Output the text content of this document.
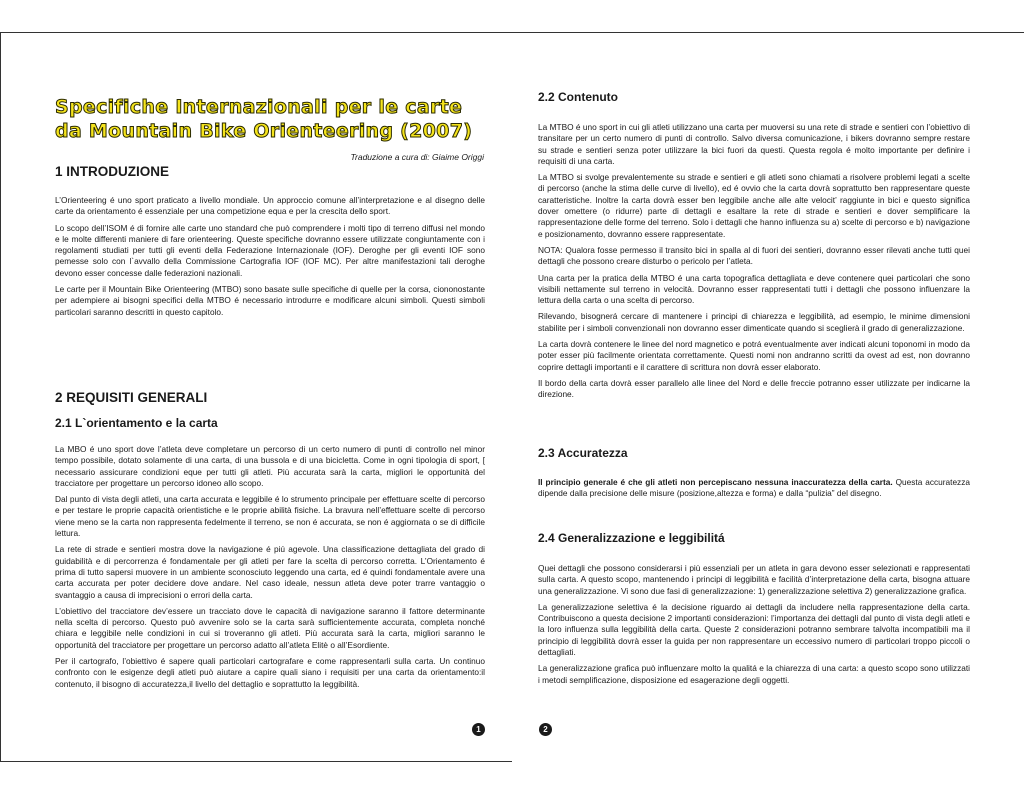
Specifiche Internazionali per le carte da Mountain Bike Orienteering (2007)
Traduzione a cura di: Giaime Origgi
1 INTRODUZIONE

L’Orienteering é uno sport praticato a livello mondiale. Un approccio comune all’interpretazione e al disegno delle carte da orientamento é essenziale per una competizione equa e per la crescita dello sport.

Lo scopo dell’ISOM é di fornire alle carte uno standard che può comprendere i molti tipo di terreno diffusi nel mondo e le molte differenti maniere di fare orienteering. Queste specifiche dovranno essere utilizzate congiuntamente con i regolamenti studiati per tutti gli eventi della Federazione Internazionale (IOF). Deroghe per gli eventi IOF sono pemesse solo con l`avvallo della Commissione Cartografia IOF (IOF MC). Per altre manifestazioni tali deroghe devono esser concesse dalle federazioni nazionali.

Le carte per il Mountain Bike Orienteering (MTBO) sono basate sulle specifiche di quelle per la corsa, ciononostante per adempiere ai bisogni specifici della MTBO é necessario introdurre e modificare alcuni simboli. Questi simboli particolari saranno descritti in questo capitolo.

2 REQUISITI GENERALI
2.1 L`orientamento e la carta

La MBO é uno sport dove l’atleta deve completare un percorso di un certo numero di punti di controllo nel minor tempo possibile, dotato solamente di una carta, di una bussola e di una bicicletta. Come in ogni tipologia di sport, [ necessario assicurare condizioni eque per tutti gli atleti. Più accurata sarà la carta, migliori le opportunità del tracciatore per progettare un percorso idoneo allo scopo.

Dal punto di vista degli atleti, una carta accurata e leggibile é lo strumento principale per effettuare scelte di percorso e per testare le proprie capacità orientistiche e le proprie abilità fisiche. La bravura nell’effettuare scelte di percorso viene meno se la carta non rappresenta fedelmente il terreno, se non é accurata, se non é aggiornata o se di difficile lettura.

La rete di strade e sentieri mostra dove la navigazione é piú agevole. Una classificazione dettagliata del grado di guidabilità e di percorrenza é fondamentale per gli atleti per fare la scelta di percorso corretta. L’Orientamento é prima di tutto sapersi muovere in un ambiente sconosciuto leggendo una carta, ed é quindi fondamentale avere una carta accurata per poter decidere dove andare. Nel caso ideale, nessun atleta deve poter trarre vantaggio o svantaggio a causa di imprecisioni o errori della carta.

L’obiettivo del tracciatore dev’essere un tracciato dove le capacità di navigazione saranno il fattore determinante nella scelta di percorso. Questo può avvenire solo se la carta sarà sufficientemente accurata, completa nonché chiara e leggibile nelle condizioni in cui si troveranno gli atleti. Più accurata sarà la carta, migliori saranno le opportunità del tracciatore per progettare un percorso adatto all’atleta Elitè o all’Esordiente.

Per il cartografo, l’obiettivo é sapere quali particolari cartografare e come rappresentarli sulla carta. Un continuo confronto con le esigenze degli atleti può aiutare a capire quali siano i requisiti per una carta da orientamento:il contenuto, il bisogno di accuratezza,il livello del dettaglio e soprattutto la leggibilità.

1
2.2 Contenuto

La MTBO é uno sport in cui gli atleti utilizzano una carta per muoversi su una rete di strade e sentieri con l’obiettivo di transitare per un certo numero di punti di controllo. Salvo diversa comunicazione, i bikers dovranno sempre restare su strade e sentieri senza poter utilizzare la bici fuori da questi. Questa regola é molto importante per definire i requisiti di una carta.

La MTBO si svolge prevalentemente su strade e sentieri e gli atleti sono chiamati a risolvere problemi legati a scelte di percorso (anche la stima delle curve di livello), ed é ovvio che la carta dovrà soprattutto ben rappresentare queste caratteristiche. Inoltre la carta dovrà esser ben leggibile anche alle alte velocit’ raggiunte in bici e questo significa dover omettere (o ridurre) parte di dettagli e esaltare la rete di strade e sentieri e dover semplificare la rappresentazione delle forme del terreno. Solo i dettagli che hanno influenza su a) scelte di percorso e b) navigazione e posizionamento, dovranno essere rappresentate.

NOTA: Qualora fosse permesso il transito bici in spalla al di fuori dei sentieri, dovranno esser rilevati anche tutti quei dettagli che possono creare disturbo o pericolo per l’atleta.

Una carta per la pratica della MTBO é una carta topografica dettagliata e deve contenere quei particolari che sono visibili nettamente sul terreno in velocità. Dovranno esser rappresentati tutti i dettagli che possono influenzare la lettura della carta o una scelta di percorso.

Rilevando, bisognerá cercare di mantenere i principi di chiarezza e leggibilità, ad esempio, le minime dimensioni stabilite per i simboli convenzionali non dovranno esser dimenticate quando si sceglierà il grado di generalizzazione.

La carta dovrà contenere le linee del nord magnetico e potrá eventualmente aver indicati alcuni toponomi in modo da poter esser più facilmente orientata correttamente. Questi nomi non andranno scritti da ovest ad est, non dovranno coprire dettagli importanti e il carattere di scrittura non dovrà esser elaborato.

Il bordo della carta dovrà esser parallelo alle linee del Nord e delle freccie potranno esser utilizzate per indicarne la direzione.

2.3 Accuratezza

Il principio generale é che gli atleti non percepiscano nessuna inaccuratezza della carta. Questa accuratezza dipende dalla precisione delle misure (posizione,altezza e forma) e dalla “pulizia” del disegno.

2.4 Generalizzazione e leggibilitá

Quei dettagli che possono considerarsi i più essenziali per un atleta in gara devono esser selezionati e rappresentati sulla carta. A questo scopo, mantenendo i principi di leggibilità e facilità d’interpretazione della carta, bisogna attuare una generalizzazione. Vi sono due fasi di generalizzazione: 1) generalizzazione selettiva 2) generalizzazione grafica.

La generalizzazione selettiva é la decisione riguardo ai dettagli da includere nella rappresentazione della carta. Contribuiscono a questa decisione 2 importanti considerazioni: l’importanza dei dettagli dal punto di vista degli atleti e la loro influenza sulla leggibilità della carta. Queste 2 considerazioni potranno sembrare talvolta incompatibili ma il principio di leggibilità dovrà esser la guida per non rappresentare un eccessivo numero di particolari troppo piccoli o dettagliati.

La generalizzazione grafica può influenzare molto la qualitá e la chiarezza di una carta: a questo scopo sono utilizzati i metodi semplificazione, disposizione ed esagerazione degli oggetti.

2
